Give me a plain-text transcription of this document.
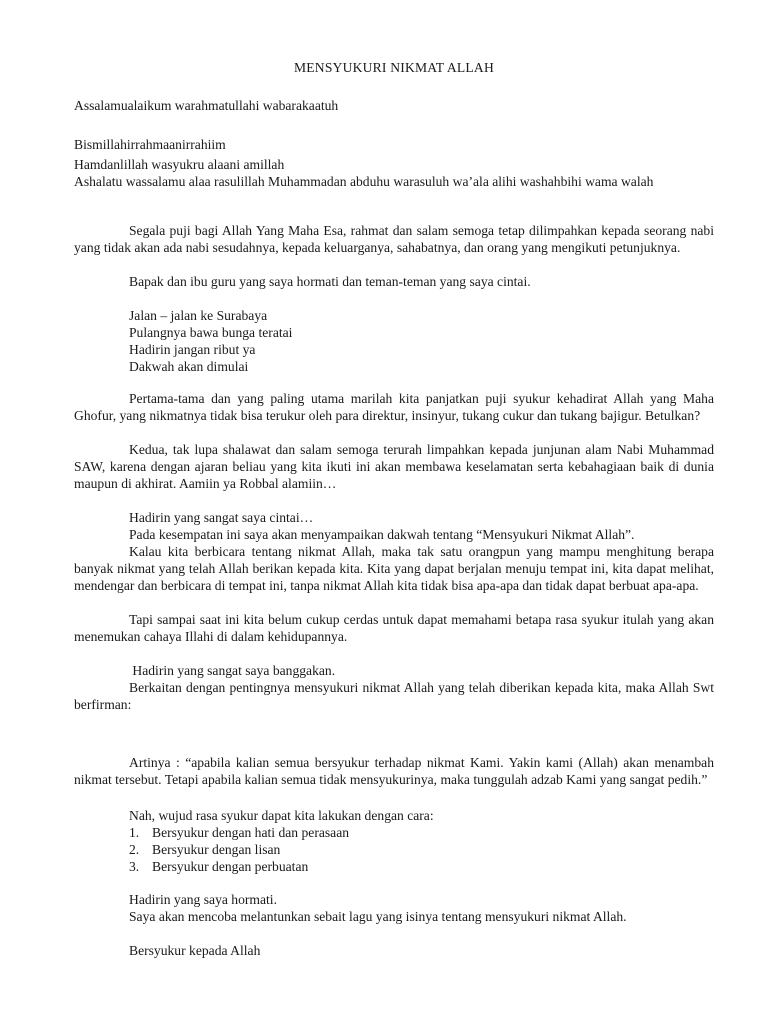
MENSYUKURI NIKMAT ALLAH

Assalamualaikum warahmatullahi wabarakaatuh

Bismillahirrahmaanirrahiim

Hamdanlillah wasyukru alaani amillah

Ashalatu wassalamu alaa rasulillah Muhammadan abduhu warasuluh wa’ala alihi washahbihi wama walah

Segala puji bagi Allah Yang Maha Esa, rahmat dan salam semoga tetap dilimpahkan kepada seorang nabi yang tidak akan ada nabi sesudahnya, kepada keluarganya, sahabatnya, dan orang yang mengikuti petunjuknya.

Bapak dan ibu guru yang saya hormati dan teman-teman yang saya cintai.

Jalan – jalan ke Surabaya
Pulangnya bawa bunga teratai
Hadirin jangan ribut ya
Dakwah akan dimulai

Pertama-tama dan yang paling utama marilah kita panjatkan puji syukur kehadirat Allah yang Maha Ghofur, yang nikmatnya tidak bisa terukur oleh para direktur, insinyur, tukang cukur dan tukang bajigur. Betulkan?

Kedua, tak lupa shalawat dan salam semoga terurah limpahkan kepada junjunan alam Nabi Muhammad SAW, karena dengan ajaran beliau yang kita ikuti ini akan membawa keselamatan serta kebahagiaan baik di dunia maupun di akhirat. Aamiin ya Robbal alamiin…

Hadirin yang sangat saya cintai…

Pada kesempatan ini saya akan menyampaikan dakwah tentang “Mensyukuri Nikmat Allah”.

Kalau kita berbicara tentang nikmat Allah, maka tak satu orangpun yang mampu menghitung berapa banyak nikmat yang telah Allah berikan kepada kita. Kita yang dapat berjalan menuju tempat ini, kita dapat melihat, mendengar dan berbicara di tempat ini, tanpa nikmat Allah kita tidak bisa apa-apa dan tidak dapat berbuat apa-apa.

Tapi sampai saat ini kita belum cukup cerdas untuk dapat memahami betapa rasa syukur itulah yang akan menemukan cahaya Illahi di dalam kehidupannya.

Hadirin yang sangat saya banggakan.

Berkaitan dengan pentingnya mensyukuri nikmat Allah yang telah diberikan kepada kita, maka Allah Swt berfirman:

Artinya : “apabila kalian semua bersyukur terhadap nikmat Kami. Yakin kami (Allah) akan menambah nikmat tersebut. Tetapi apabila kalian semua tidak mensyukurinya, maka tunggulah adzab Kami yang sangat pedih.”

Nah, wujud rasa syukur dapat kita lakukan dengan cara:

1. Bersyukur dengan hati dan perasaan
2. Bersyukur dengan lisan
3. Bersyukur dengan perbuatan

Hadirin yang saya hormati.

Saya akan mencoba melantunkan sebait lagu yang isinya tentang mensyukuri nikmat Allah.

Bersyukur kepada Allah
